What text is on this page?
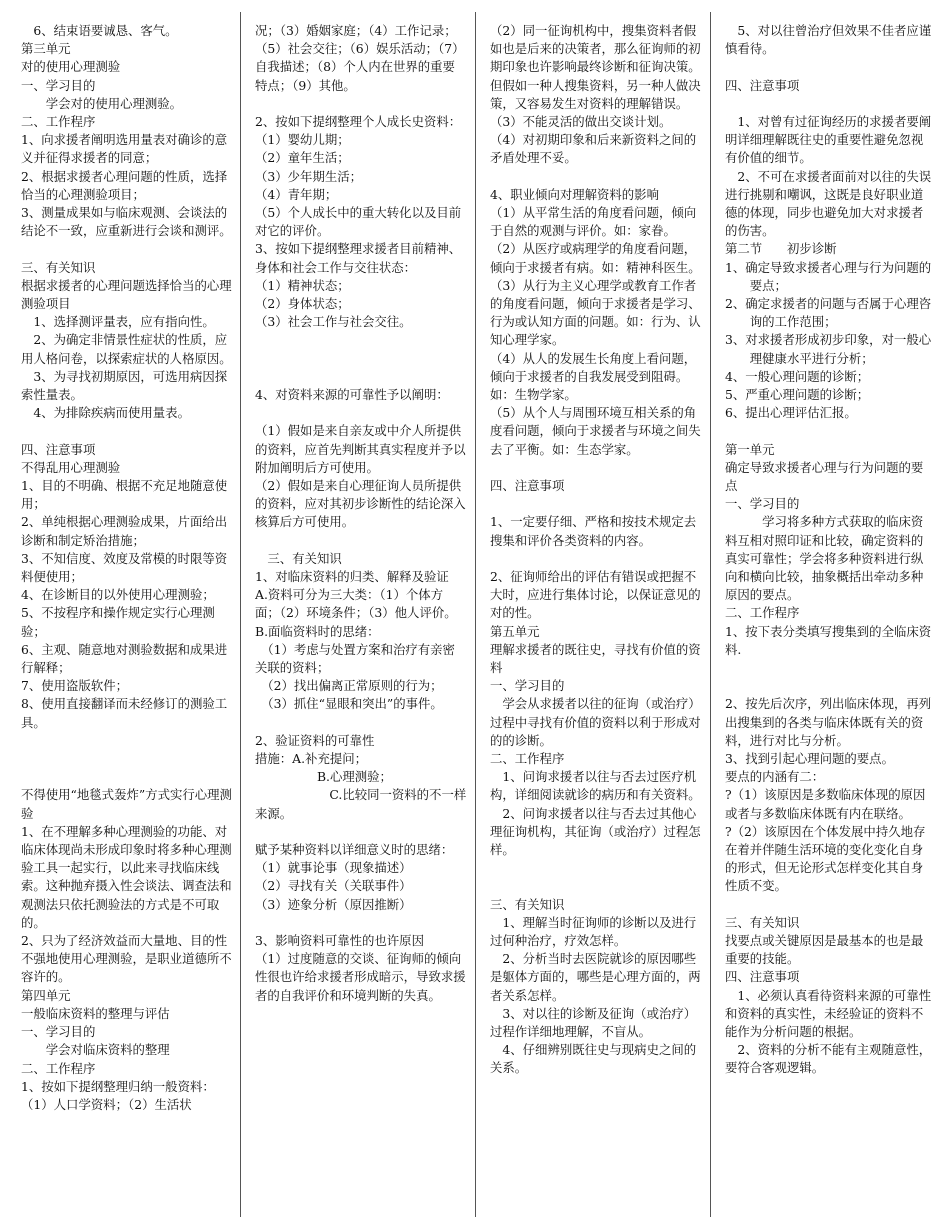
　6、结束语要诚恳、客气。

第三单元

对的使用心理测验

一、学习目的

　　学会对的使用心理测验。

二、工作程序

1、向求援者阐明选用量表对确诊的意义并征得求援者的同意；

2、根据求援者心理问题的性质，选择恰当的心理测验项目；

3、测量成果如与临床观测、会谈法的结论不一致，应重新进行会谈和测评。

三、有关知识

根据求援者的心理问题选择恰当的心理测验项目

　1、选择测评量表，应有指向性。

　2、为确定非情景性症状的性质，应用人格问卷，以探索症状的人格原因。

　3、为寻找初期原因，可选用病因探索性量表。

　4、为排除疾病而使用量表。

四、注意事项

不得乱用心理测验

1、目的不明确、根据不充足地随意使用；

2、单纯根据心理测验成果，片面给出诊断和制定矫治措施；

3、不知信度、效度及常模的时限等资料便使用；

4、在诊断目的以外使用心理测验；

5、不按程序和操作规定实行心理测验；

6、主观、随意地对测验数据和成果进行解释；

7、使用盗版软件；

8、使用直接翻译而未经修订的测验工具。

不得使用“地毯式轰炸”方式实行心理测验

1、在不理解多种心理测验的功能、对临床体现尚未形成印象时将多种心理测验工具一起实行，以此来寻找临床线索。这种抛弃摄入性会谈法、调查法和观测法只依托测验法的方式是不可取的。

2、只为了经济效益而大量地、目的性不强地使用心理测验，是职业道德所不容许的。

第四单元

一般临床资料的整理与评估

一、学习目的

　　学会对临床资料的整理

二、工作程序

1、按如下提纲整理归纳一般资料：

（1）人口学资料；（2）生活状

况；（3）婚姻家庭；（4）工作记录；（5）社会交往；（6）娱乐活动；（7）自我描述；（8）个人内在世界的重要特点；（9）其他。

2、按如下提纲整理个人成长史资料：

（1）婴幼儿期；

（2）童年生活；

（3）少年期生活；

（4）青年期；

（5）个人成长中的重大转化以及目前对它的评价。

3、按如下提纲整理求援者目前精神、身体和社会工作与交往状态：

（1）精神状态；

（2）身体状态；

（3）社会工作与社会交往。

4、对资料来源的可靠性予以阐明：

（1）假如是来自亲友或中介人所提供的资料，应首先判断其真实程度并予以附加阐明后方可使用。

（2）假如是来自心理征询人员所提供的资料，应对其初步诊断性的结论深入核算后方可使用。

　三、有关知识

1、对临床资料的归类、解释及验证

A.资料可分为三大类：（1）个体方面；（2）环境条件；（3）他人评价。

B.面临资料时的思绪：

　（1）考虑与处置方案和治疗有亲密关联的资料；

　（2）找出偏离正常原则的行为；

　（3）抓住“显眼和突出”的事件。

2、验证资料的可靠性

措施：A.补充提问；

　　　　　B.心理测验；

　　　　　　C.比较同一资料的不一样来源。

赋予某种资料以详细意义时的思绪：

（1）就事论事（现象描述）

（2）寻找有关（关联事件）

（3）迹象分析（原因推断）

3、影响资料可靠性的也许原因

（1）过度随意的交谈、征询师的倾向性很也许给求援者形成暗示，导致求援者的自我评价和环境判断的失真。

（2）同一征询机构中，搜集资料者假如也是后来的决策者，那么征询师的初期印象也许影响最终诊断和征询决策。但假如一种人搜集资料，另一种人做决策，又容易发生对资料的理解错误。

（3）不能灵活的做出交谈计划。

（4）对初期印象和后来新资料之间的矛盾处理不妥。

4、职业倾向对理解资料的影响

（1）从平常生活的角度看问题，倾向于自然的观测与评价。如：家眷。

（2）从医疗或病理学的角度看问题，倾向于求援者有病。如：精神科医生。

（3）从行为主义心理学或教育工作者的角度看问题，倾向于求援者是学习、行为或认知方面的问题。如：行为、认知心理学家。

（4）从人的发展生长角度上看问题，倾向于求援者的自我发展受到阻碍。如：生物学家。

（5）从个人与周围环境互相关系的角度看问题，倾向于求援者与环境之间失去了平衡。如：生态学家。

四、注意事项

1、一定要仔细、严格和按技术规定去搜集和评价各类资料的内容。

2、征询师给出的评估有错误或把握不大时，应进行集体讨论，以保证意见的对的性。

第五单元

理解求援者的既往史，寻找有价值的资料

一、学习目的

　学会从求援者以往的征询（或治疗）过程中寻找有价值的资料以利于形成对的的诊断。

二、工作程序

　1、问询求援者以往与否去过医疗机构，详细阅读就诊的病历和有关资料。

　2、问询求援者以往与否去过其他心理征询机构，其征询（或治疗）过程怎样。

三、有关知识

　1、理解当时征询师的诊断以及进行过何种治疗，疗效怎样。

　2、分析当时去医院就诊的原因哪些是躯体方面的，哪些是心理方面的，两者关系怎样。

　3、对以往的诊断及征询（或治疗）过程作详细地理解，不盲从。

　4、仔细辨别既往史与现病史之间的关系。

　5、对以往曾治疗但效果不佳者应谨慎看待。

四、注意事项

　1、对曾有过征询经历的求援者要阐明详细理解既往史的重要性避免忽视有价值的细节。

　2、不可在求援者面前对以往的失误进行挑剔和嘲讽，这既是良好职业道德的体现，同步也避免加大对求援者的伤害。

第二节　　初步诊断

1、确定导致求援者心理与行为问题的

　　要点；

2、确定求援者的问题与否属于心理咨

　　询的工作范围；

3、对求援者形成初步印象，对一般心

　　理健康水平进行分析；

4、一般心理问题的诊断；

5、严重心理问题的诊断；

6、提出心理评估汇报。

第一单元

确定导致求援者心理与行为问题的要点

一、学习目的

　　　学习将多种方式获取的临床资料互相对照印证和比较，确定资料的真实可靠性；学会将多种资料进行纵向和横向比较，抽象概括出牵动多种原因的要点。

二、工作程序

1、按下表分类填写搜集到的全临床资料.

2、按先后次序，列出临床体现，再列出搜集到的各类与临床体既有关的资料，进行对比与分析。

3、找到引起心理问题的要点。

要点的内涵有二：

?（1）该原因是多数临床体现的原因或者与多数临床体既有内在联络。

?（2）该原因在个体发展中持久地存在着并伴随生活环境的变化变化自身的形式，但无论形式怎样变化其自身性质不变。

三、有关知识

找要点或关键原因是最基本的也是最重要的技能。

四、注意事项

　1、必须认真看待资料来源的可靠性和资料的真实性，未经验证的资料不能作为分析问题的根据。

　2、资料的分析不能有主观随意性，要符合客观逻辑。
